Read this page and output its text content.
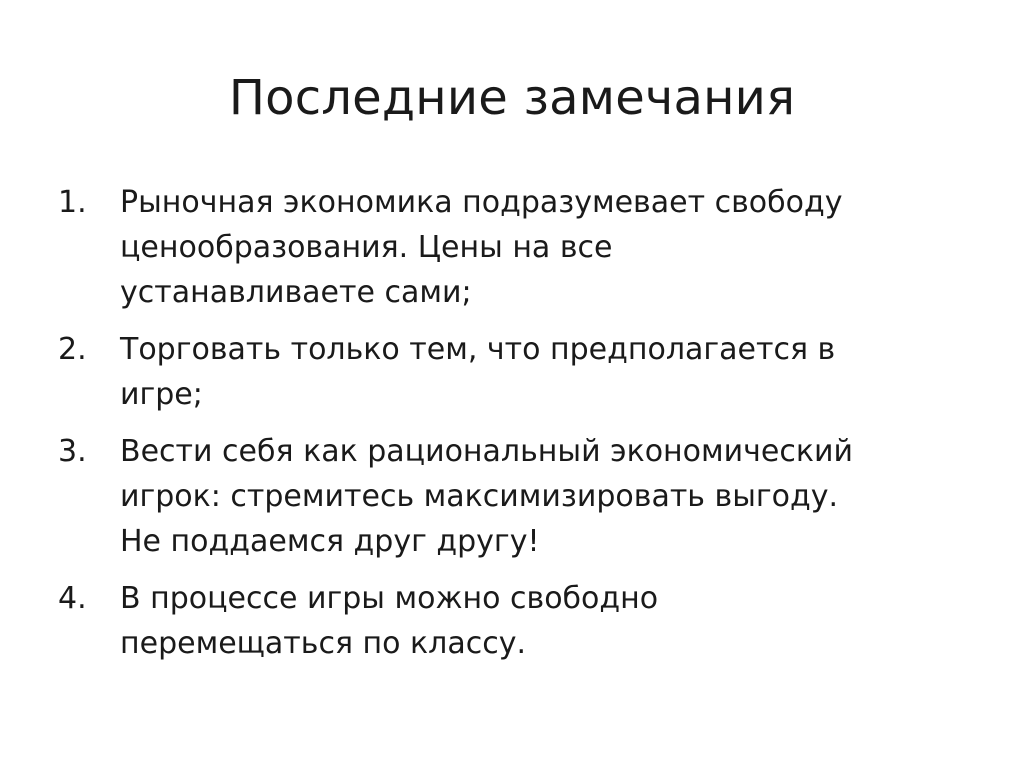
Последние замечания
1.	Рыночная экономика подразумевает свободу
ценообразования. Цены на все
устанавливаете сами;
2.	Торговать только тем, что предполагается в
игре;
3.	Вести себя как рациональный экономический
игрок: стремитесь максимизировать выгоду.
Не поддаемся друг другу!
4.	В процессе игры можно свободно
перемещаться по классу.
